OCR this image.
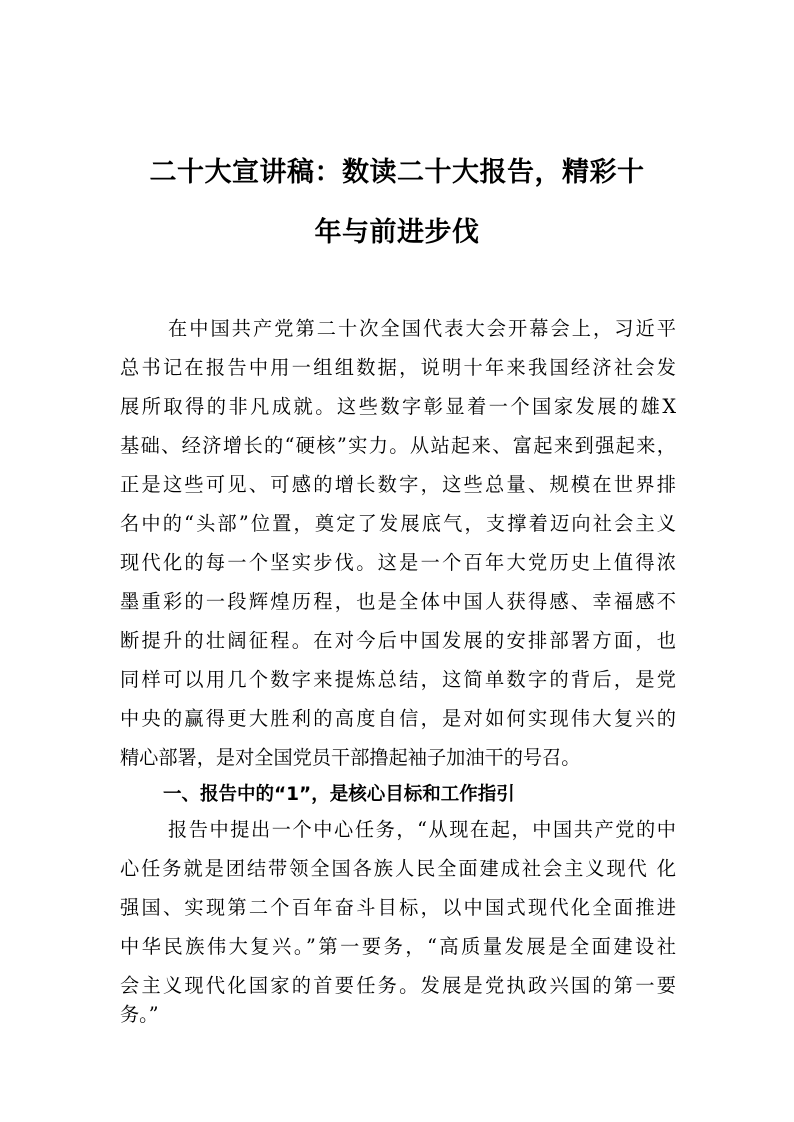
二十大宣讲稿：数读二十大报告，精彩十
年与前进步伐
在中国共产党第二十次全国代表大会开幕会上，习近平
总书记在报告中用一组组数据，说明十年来我国经济社会发
展所取得的非凡成就。这些数字彰显着一个国家发展的雄X
基础、经济增长的“硬核”实力。从站起来、富起来到强起来，
正是这些可见、可感的增长数字，这些总量、规模在世界排
名中的“头部”位置，奠定了发展底气，支撑着迈向社会主义
现代化的每一个坚实步伐。这是一个百年大党历史上值得浓
墨重彩的一段辉煌历程，也是全体中国人获得感、幸福感不
断提升的壮阔征程。在对今后中国发展的安排部署方面，也
同样可以用几个数字来提炼总结，这简单数字的背后，是党
中央的赢得更大胜利的高度自信，是对如何实现伟大复兴的
精心部署，是对全国党员干部撸起袖子加油干的号召。
一、报告中的“1”，是核心目标和工作指引
报告中提出一个中心任务，“从现在起，中国共产党的中
心任务就是团结带领全国各族人民全面建成社会主义现代 化
强国、实现第二个百年奋斗目标，以中国式现代化全面推进
中华民族伟大复兴。”第一要务，“高质量发展是全面建设社
会主义现代化国家的首要任务。发展是党执政兴国的第一要
务。”
